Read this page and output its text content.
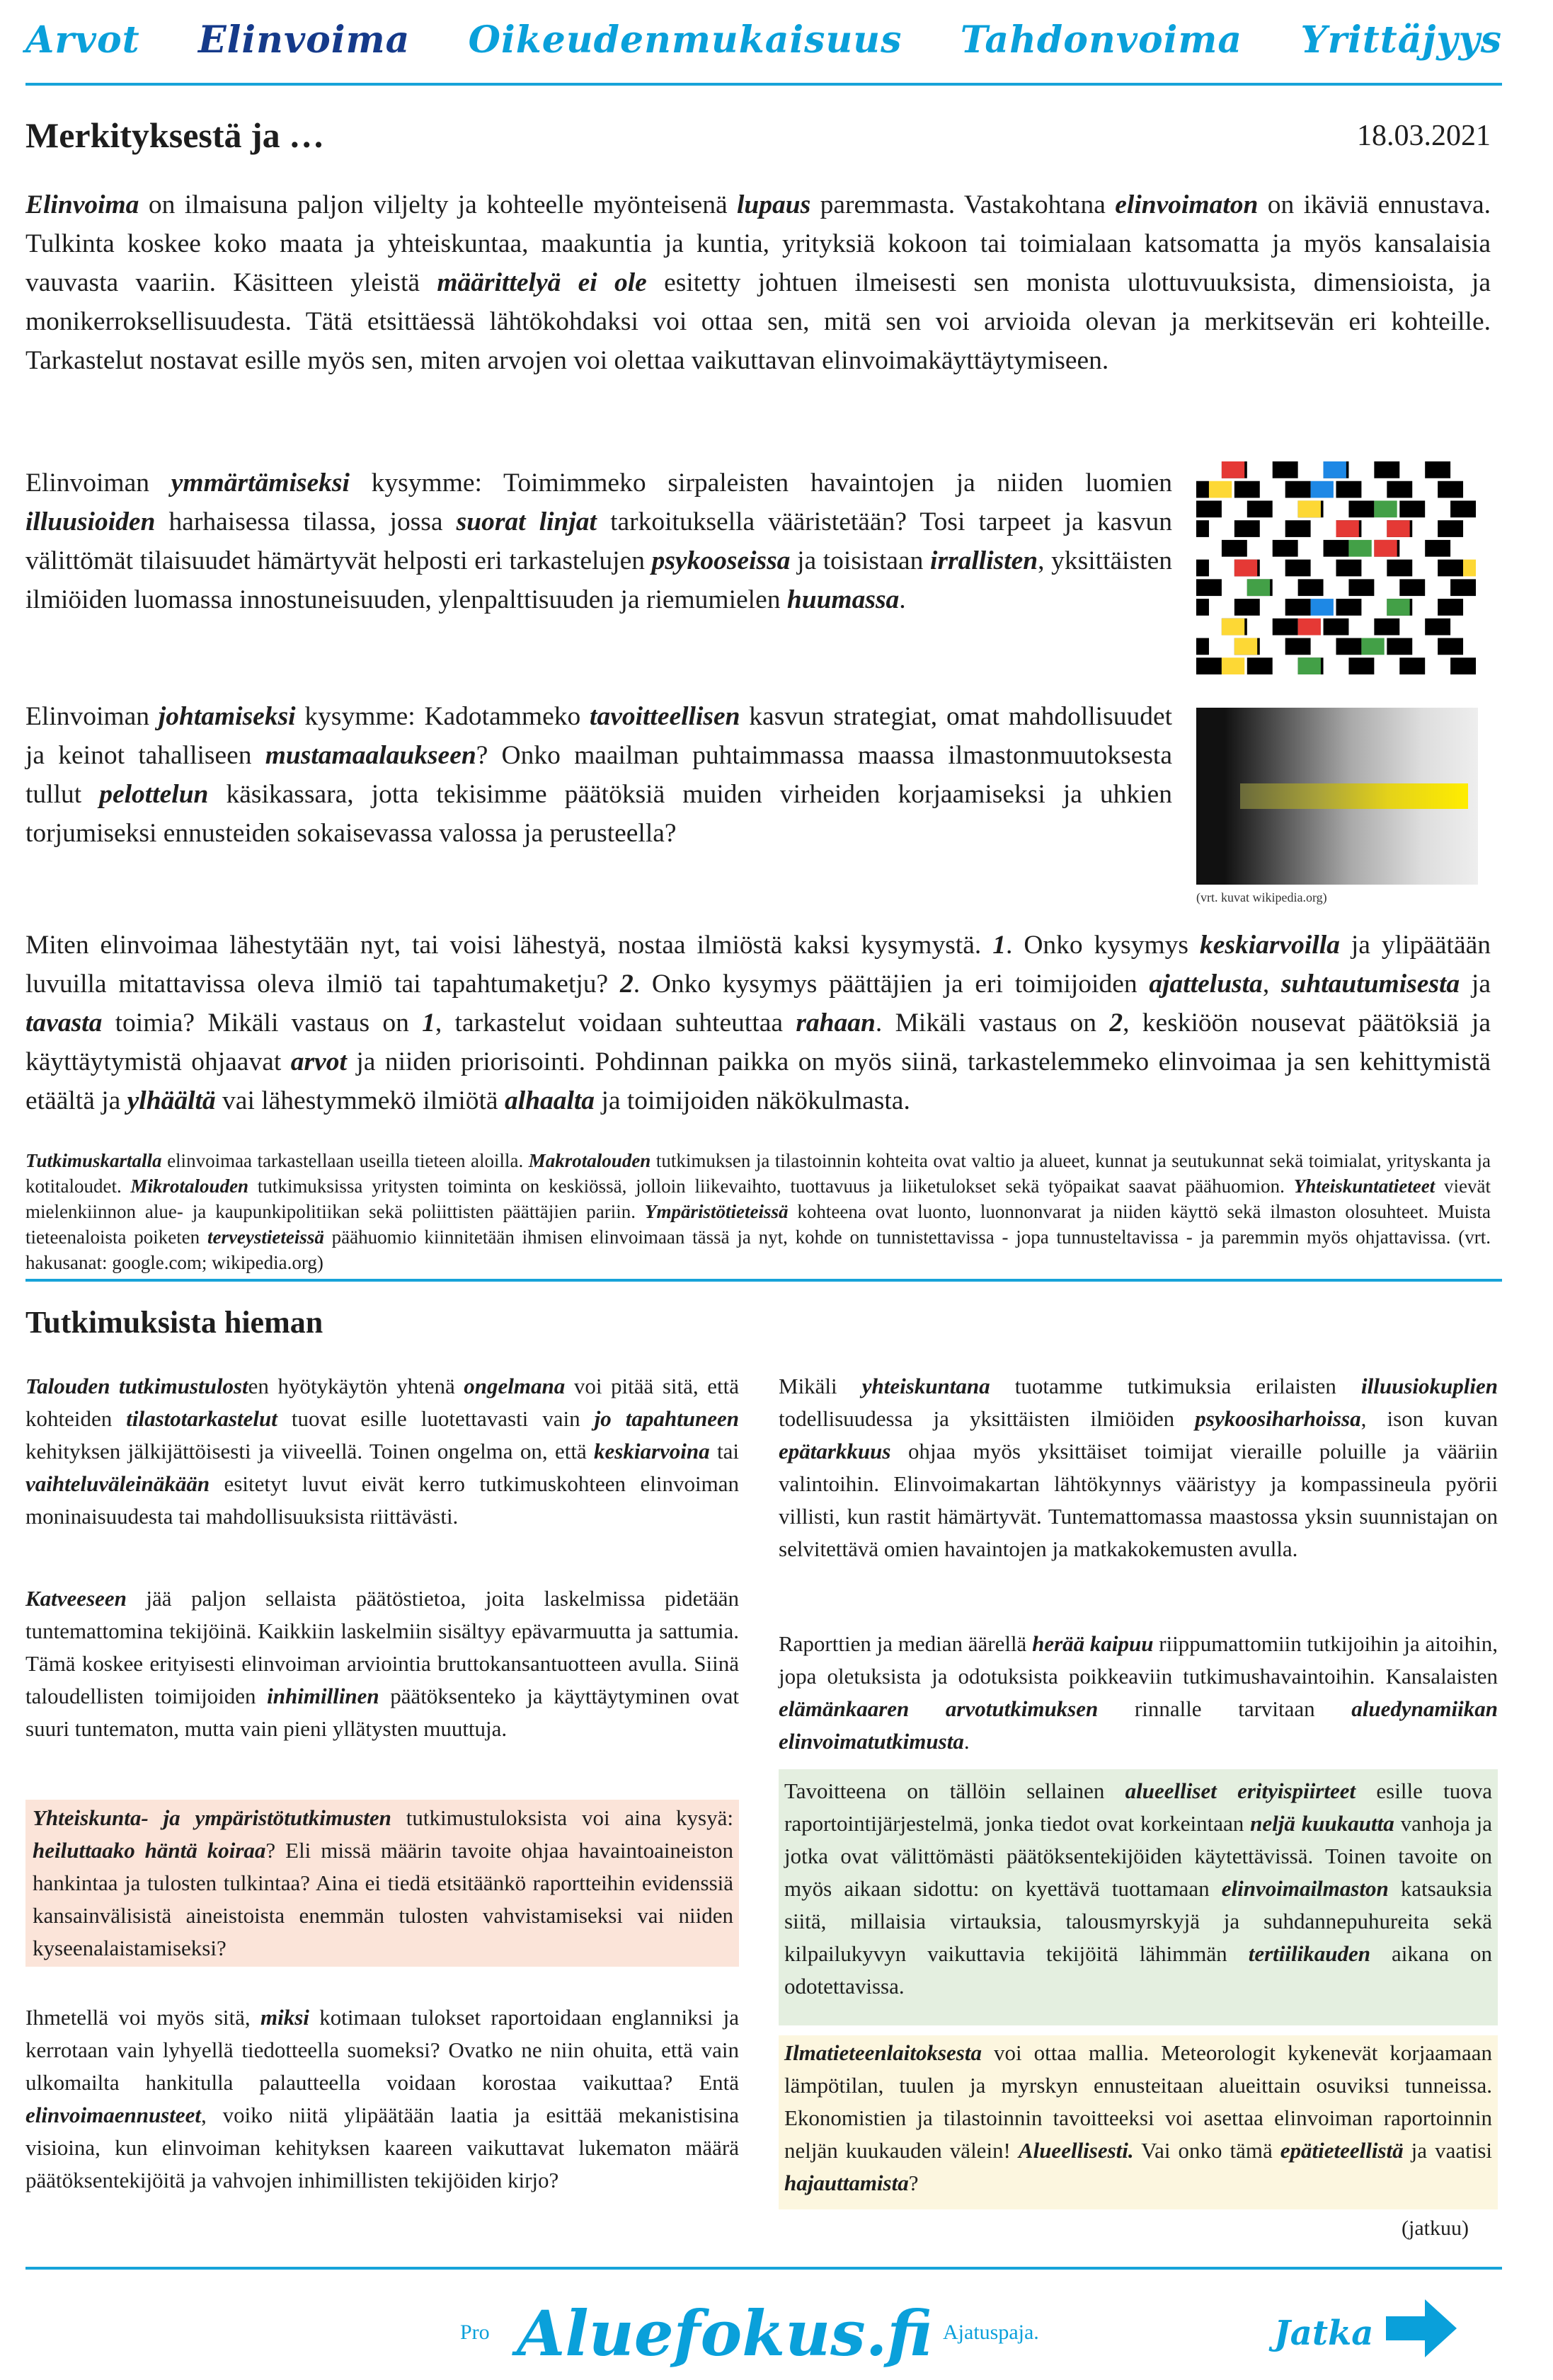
Arvot Elinvoima Oikeudenmukaisuus Tahdonvoima Yrittäjyys
Merkityksestä ja …	18.03.2021

Elinvoima on ilmaisuna paljon viljelty ja kohteelle myönteisenä lupaus paremmasta. Vastakohtana elinvoimaton on ikäviä ennustava. Tulkinta koskee koko maata ja yhteiskuntaa, maakuntia ja kuntia, yrityksiä kokoon tai toimialaan katsomatta ja myös kansalaisia vauvasta vaariin. Käsitteen yleistä määrittelyä ei ole esitetty johtuen ilmeisesti sen monista ulottuvuuksista, dimensioista, ja monikerroksellisuudesta. Tätä etsittäessä lähtökohdaksi voi ottaa sen, mitä sen voi arvioida olevan ja merkitsevän eri kohteille. Tarkastelut nostavat esille myös sen, miten arvojen voi olettaa vaikuttavan elinvoimakäyttäytymiseen.

Elinvoiman ymmärtämiseksi kysymme: Toimimmeko sirpaleisten havaintojen ja niiden luomien illuusioiden harhaisessa tilassa, jossa suorat linjat tarkoituksella vääristetään? Tosi tarpeet ja kasvun välittömät tilaisuudet hämärtyvät helposti eri tarkastelujen psykooseissa ja toisistaan irrallisten, yksittäisten ilmiöiden luomassa innostuneisuuden, ylenpalttisuuden ja riemumielen huumassa.

Elinvoiman johtamiseksi kysymme: Kadotammeko tavoitteellisen kasvun strategiat, omat mahdollisuudet ja keinot tahalliseen mustamaalaukseen? Onko maailman puhtaimmassa maassa ilmastonmuutoksesta tullut pelottelun käsikassara, jotta tekisimme päätöksiä muiden virheiden korjaamiseksi ja uhkien torjumiseksi ennusteiden sokaisevassa valossa ja perusteella?

(vrt. kuvat wikipedia.org)

Miten elinvoimaa lähestytään nyt, tai voisi lähestyä, nostaa ilmiöstä kaksi kysymystä. 1. Onko kysymys keskiarvoilla ja ylipäätään luvuilla mitattavissa oleva ilmiö tai tapahtumaketju? 2. Onko kysymys päättäjien ja eri toimijoiden ajattelusta, suhtautumisesta ja tavasta toimia? Mikäli vastaus on 1, tarkastelut voidaan suhteuttaa rahaan. Mikäli vastaus on 2, keskiöön nousevat päätöksiä ja käyttäytymistä ohjaavat arvot ja niiden priorisointi. Pohdinnan paikka on myös siinä, tarkastelemmeko elinvoimaa ja sen kehittymistä etäältä ja ylhäältä vai lähestymmekö ilmiötä alhaalta ja toimijoiden näkökulmasta.

Tutkimuskartalla elinvoimaa tarkastellaan useilla tieteen aloilla. Makrotalouden tutkimuksen ja tilastoinnin kohteita ovat valtio ja alueet, kunnat ja seutukunnat sekä toimialat, yrityskanta ja kotitaloudet. Mikrotalouden tutkimuksissa yritysten toiminta on keskiössä, jolloin liikevaihto, tuottavuus ja liiketulokset sekä työpaikat saavat päähuomion. Yhteiskuntatieteet vievät mielenkiinnon alue- ja kaupunkipolitiikan sekä poliittisten päättäjien pariin. Ympäristötieteissä kohteena ovat luonto, luonnonvarat ja niiden käyttö sekä ilmaston olosuhteet. Muista tieteenaloista poiketen terveystieteissä päähuomio kiinnitetään ihmisen elinvoimaan tässä ja nyt, kohde on tunnistettavissa - jopa tunnusteltavissa - ja paremmin myös ohjattavissa. (vrt. hakusanat: google.com; wikipedia.org)

Tutkimuksista hieman

Talouden tutkimustulosten hyötykäytön yhtenä ongelmana voi pitää sitä, että kohteiden tilastotarkastelut tuovat esille luotettavasti vain jo tapahtuneen kehityksen jälkijättöisesti ja viiveellä. Toinen ongelma on, että keskiarvoina tai vaihteluväleinäkään esitetyt luvut eivät kerro tutkimuskohteen elinvoiman moninaisuudesta tai mahdollisuuksista riittävästi.

Katveeseen jää paljon sellaista päätöstietoa, joita laskelmissa pidetään tuntemattomina tekijöinä. Kaikkiin laskelmiin sisältyy epävarmuutta ja sattumia. Tämä koskee erityisesti elinvoiman arviointia bruttokansantuotteen avulla. Siinä taloudellisten toimijoiden inhimillinen päätöksenteko ja käyttäytyminen ovat suuri tuntematon, mutta vain pieni yllätysten muuttuja.

Yhteiskunta- ja ympäristötutkimusten tutkimustuloksista voi aina kysyä: heiluttaako häntä koiraa? Eli missä määrin tavoite ohjaa havaintoaineiston hankintaa ja tulosten tulkintaa? Aina ei tiedä etsitäänkö raportteihin evidenssiä kansainvälisistä aineistoista enemmän tulosten vahvistamiseksi vai niiden kyseenalaistamiseksi?

Ihmetellä voi myös sitä, miksi kotimaan tulokset raportoidaan englanniksi ja kerrotaan vain lyhyellä tiedotteella suomeksi? Ovatko ne niin ohuita, että vain ulkomailta hankitulla palautteella voidaan korostaa vaikuttaa? Entä elinvoimaennusteet, voiko niitä ylipäätään laatia ja esittää mekanistisina visioina, kun elinvoiman kehityksen kaareen vaikuttavat lukematon määrä päätöksentekijöitä ja vahvojen inhimillisten tekijöiden kirjo?

Mikäli yhteiskuntana tuotamme tutkimuksia erilaisten illuusiokuplien todellisuudessa ja yksittäisten ilmiöiden psykoosiharhoissa, ison kuvan epätarkkuus ohjaa myös yksittäiset toimijat vieraille poluille ja vääriin valintoihin. Elinvoimakartan lähtökynnys vääristyy ja kompassineula pyörii villisti, kun rastit hämärtyvät. Tuntemattomassa maastossa yksin suunnistajan on selvitettävä omien havaintojen ja matkakokemusten avulla.

Raporttien ja median äärellä herää kaipuu riippumattomiin tutkijoihin ja aitoihin, jopa oletuksista ja odotuksista poikkeaviin tutkimushavaintoihin. Kansalaisten elämänkaaren arvotutkimuksen rinnalle tarvitaan aluedynamiikan elinvoimatutkimusta.

Tavoitteena on tällöin sellainen alueelliset erityispiirteet esille tuova raportointijärjestelmä, jonka tiedot ovat korkeintaan neljä kuukautta vanhoja ja jotka ovat välittömästi päätöksentekijöiden käytettävissä. Toinen tavoite on myös aikaan sidottu: on kyettävä tuottamaan elinvoimailmaston katsauksia siitä, millaisia virtauksia, talousmyrskyjä ja suhdannepuhureita sekä kilpailukyvyn vaikuttavia tekijöitä lähimmän tertiilikauden aikana on odotettavissa.

Ilmatieteenlaitoksesta voi ottaa mallia. Meteorologit kykenevät korjaamaan lämpötilan, tuulen ja myrskyn ennusteitaan alueittain osuviksi tunneissa. Ekonomistien ja tilastoinnin tavoitteeksi voi asettaa elinvoiman raportoinnin neljän kuukauden välein! Alueellisesti. Vai onko tämä epätieteellistä ja vaatisi hajauttamista?

(jatkuu)
Pro Aluefokus.fi Ajatuspaja.	Jatka
